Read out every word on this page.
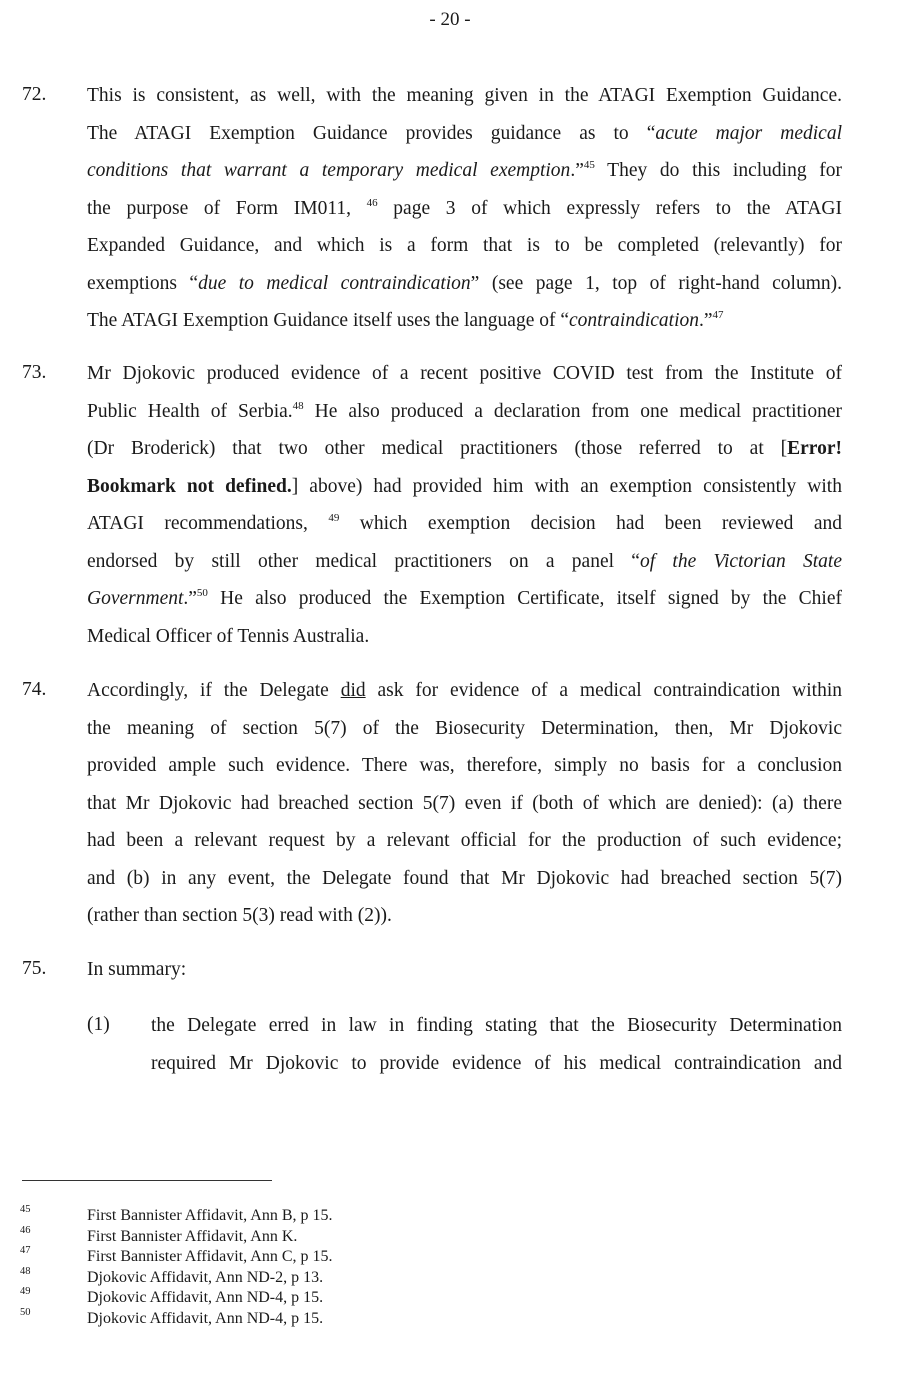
- 20 -
72. This is consistent, as well, with the meaning given in the ATAGI Exemption Guidance.
The ATAGI Exemption Guidance provides guidance as to “acute major medical
conditions that warrant a temporary medical exemption.”$^{45}$ They do this including for
the purpose of Form IM011, $^{46}$ page 3 of which expressly refers to the ATAGI
Expanded Guidance, and which is a form that is to be completed (relevantly) for
exemptions “due to medical contraindication” (see page 1, top of right-hand column).
The ATAGI Exemption Guidance itself uses the language of “contraindication.”$^{47}$
73. Mr Djokovic produced evidence of a recent positive COVID test from the Institute of
Public Health of Serbia.$^{48}$ He also produced a declaration from one medical practitioner
(Dr Broderick) that two other medical practitioners (those referred to at [Error!
Bookmark not defined.] above) had provided him with an exemption consistently with
ATAGI recommendations, $^{49}$ which exemption decision had been reviewed and
endorsed by still other medical practitioners on a panel “of the Victorian State
Government.”$^{50}$ He also produced the Exemption Certificate, itself signed by the Chief
Medical Officer of Tennis Australia.
74. Accordingly, if the Delegate did ask for evidence of a medical contraindication within
the meaning of section 5(7) of the Biosecurity Determination, then, Mr Djokovic
provided ample such evidence. There was, therefore, simply no basis for a conclusion
that Mr Djokovic had breached section 5(7) even if (both of which are denied): (a) there
had been a relevant request by a relevant official for the production of such evidence;
and (b) in any event, the Delegate found that Mr Djokovic had breached section 5(7)
(rather than section 5(3) read with (2)).
75. In summary:
(1) the Delegate erred in law in finding stating that the Biosecurity Determination
required Mr Djokovic to provide evidence of his medical contraindication and
45	First Bannister Affidavit, Ann B, p 15.
46	First Bannister Affidavit, Ann K.
47	First Bannister Affidavit, Ann C, p 15.
48	Djokovic Affidavit, Ann ND-2, p 13.
49	Djokovic Affidavit, Ann ND-4, p 15.
50	Djokovic Affidavit, Ann ND-4, p 15.
